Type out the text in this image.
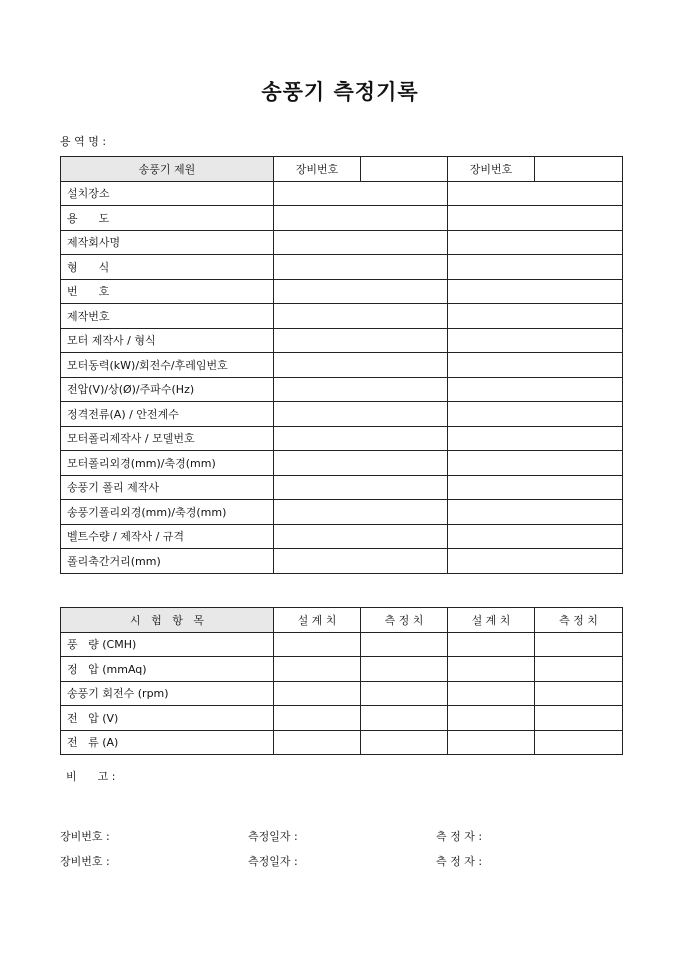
송풍기 측정기록
용 역 명 :
송풍기 제원	장비번호		장비번호	
설치장소				
용      도				
제작회사명				
형      식				
번      호				
제작번호				
모터 제작사 / 형식				
모터동력(kW)/회전수/후레임번호				
전압(V)/상(Ø)/주파수(Hz)				
정격전류(A) / 안전계수				
모터폴리제작사 / 모델번호				
모터폴리외경(mm)/축경(mm)				
송풍기 폴리 제작사				
송풍기폴리외경(mm)/축경(mm)				
벨트수량 / 제작사 / 규격				
폴리축간거리(mm)				
시   험   항   목	설 계 치	측 정 치	설 계 치	측 정 치
풍   량 (CMH)				
정   압 (mmAq)				
송풍기 회전수 (rpm)				
전   압 (V)				
전   류 (A)				
비      고 :
장비번호 :	측정일자 :	측 정 자 :
장비번호 :	측정일자 :	측 정 자 :
